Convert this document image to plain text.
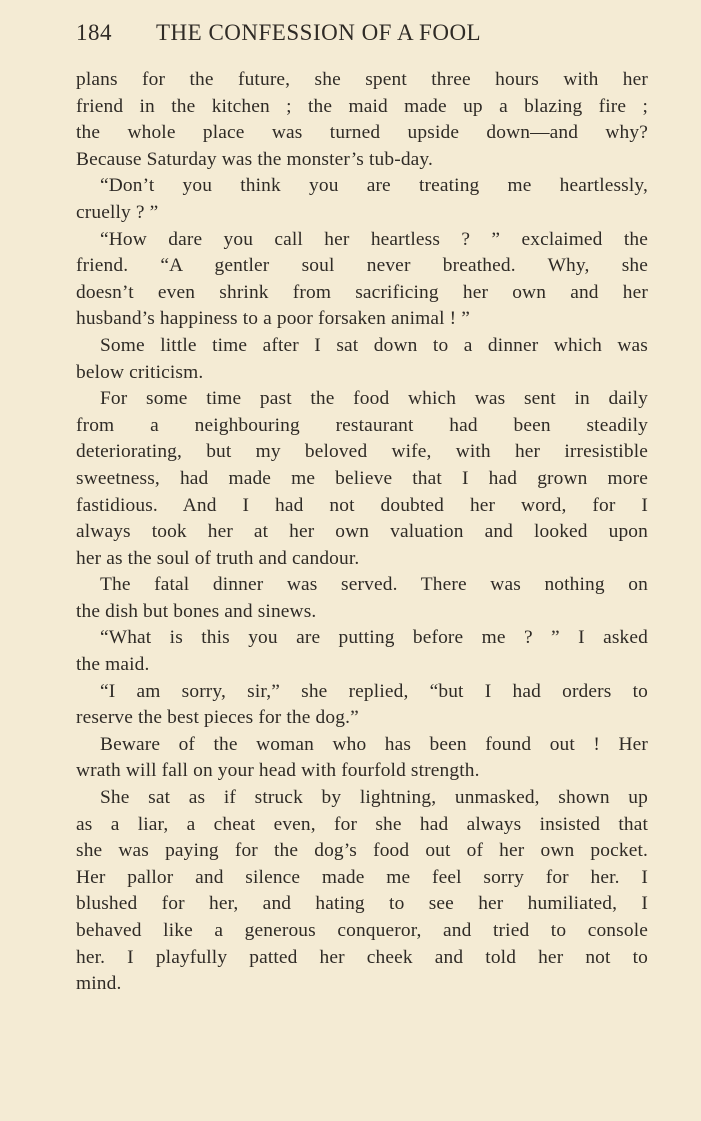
184 THE CONFESSION OF A FOOL
plans for the future, she spent three hours with her
friend in the kitchen ; the maid made up a blazing fire ;
the whole place was turned upside down—and why?
Because Saturday was the monster’s tub-day.
“Don’t you think you are treating me heartlessly,
cruelly ? ”
“How dare you call her heartless ? ” exclaimed the
friend. “A gentler soul never breathed. Why, she
doesn’t even shrink from sacrificing her own and her
husband’s happiness to a poor forsaken animal ! ”
Some little time after I sat down to a dinner which was
below criticism.
For some time past the food which was sent in daily
from a neighbouring restaurant had been steadily
deteriorating, but my beloved wife, with her irresistible
sweetness, had made me believe that I had grown more
fastidious. And I had not doubted her word, for I
always took her at her own valuation and looked upon
her as the soul of truth and candour.
The fatal dinner was served. There was nothing on
the dish but bones and sinews.
“What is this you are putting before me ? ” I asked
the maid.
“I am sorry, sir,” she replied, “but I had orders to
reserve the best pieces for the dog.”
Beware of the woman who has been found out ! Her
wrath will fall on your head with fourfold strength.
She sat as if struck by lightning, unmasked, shown up
as a liar, a cheat even, for she had always insisted that
she was paying for the dog’s food out of her own pocket.
Her pallor and silence made me feel sorry for her. I
blushed for her, and hating to see her humiliated, I
behaved like a generous conqueror, and tried to console
her. I playfully patted her cheek and told her not to
mind.
